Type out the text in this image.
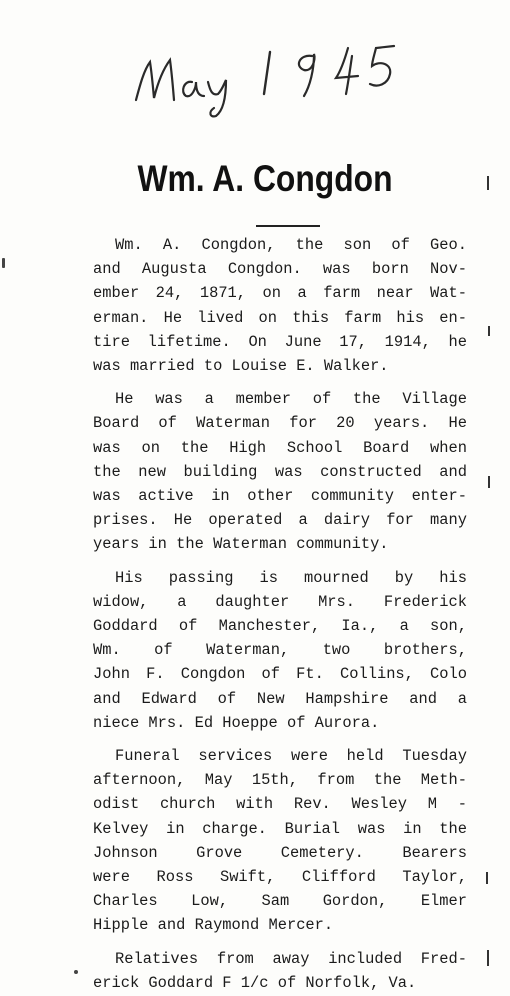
Wm. A. Congdon

Wm. A. Congdon, the son of Geo.
and Augusta Congdon. was born Nov-
ember 24, 1871, on a farm near Wat-
erman. He lived on this farm his en-
tire lifetime. On June 17, 1914, he
was married to Louise E. Walker.

He was a member of the Village
Board of Waterman for 20 years. He
was on the High School Board when
the new building was constructed and
was active in other community enter-
prises. He operated a dairy for many
years in the Waterman community.

His passing is mourned by his
widow, a daughter Mrs. Frederick
Goddard of Manchester, Ia., a son,
Wm. of Waterman, two brothers,
John F. Congdon of Ft. Collins, Colo
and Edward of New Hampshire and a
niece Mrs. Ed Hoeppe of Aurora.

Funeral services were held Tuesday
afternoon, May 15th, from the Meth-
odist church with Rev. Wesley M -
Kelvey in charge. Burial was in the
Johnson Grove Cemetery. Bearers
were Ross Swift, Clifford Taylor,
Charles Low, Sam Gordon, Elmer
Hipple and Raymond Mercer.

Relatives from away included Fred-
erick Goddard F 1/c of Norfolk, Va.
